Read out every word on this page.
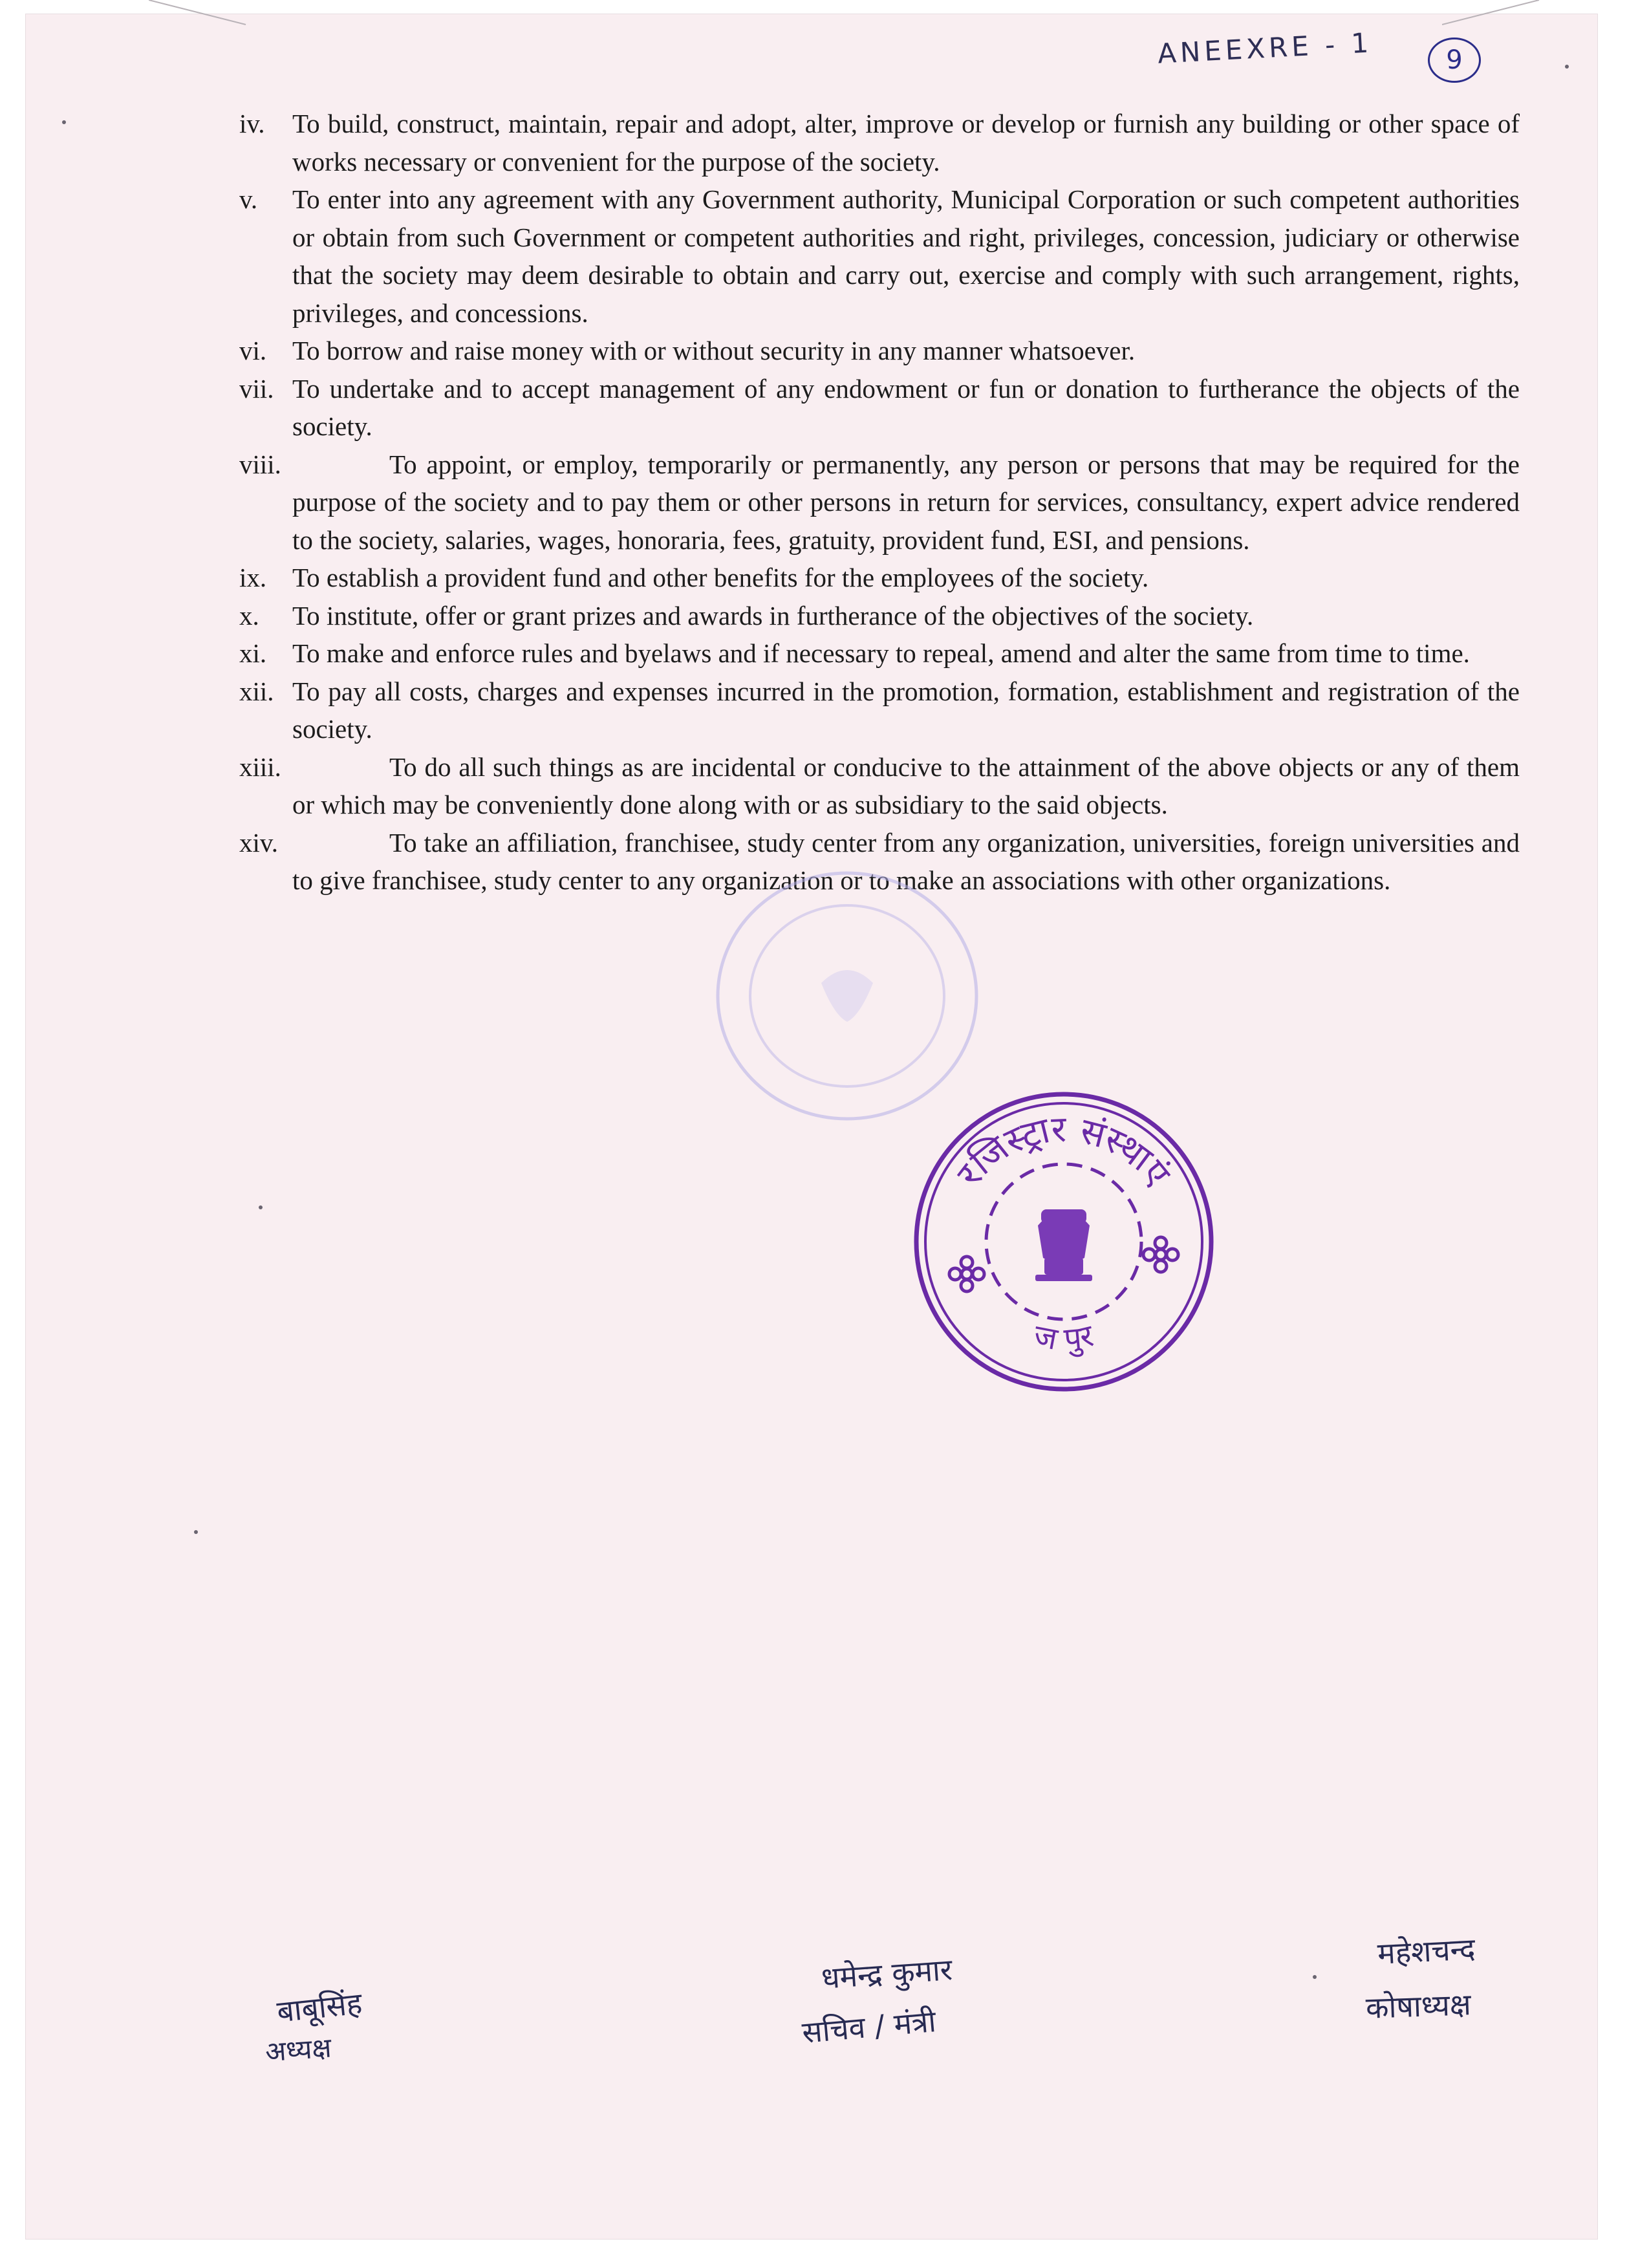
ANEEXRE - 1	9
iv. To build, construct, maintain, repair and adopt, alter, improve or develop or furnish any building or other space of works necessary or convenient for the purpose of the society.
v. To enter into any agreement with any Government authority, Municipal Corporation or such competent authorities or obtain from such Government or competent authorities and right, privileges, concession, judiciary or otherwise that the society may deem desirable to obtain and carry out, exercise and comply with such arrangement, rights, privileges, and concessions.
vi. To borrow and raise money with or without security in any manner whatsoever.
vii. To undertake and to accept management of any endowment or fun or donation to furtherance the objects of the society.
viii.	To appoint, or employ, temporarily or permanently, any person or persons that may be required for the purpose of the society and to pay them or other persons in return for services, consultancy, expert advice rendered to the society, salaries, wages, honoraria, fees, gratuity, provident fund, ESI, and pensions.
ix. To establish a provident fund and other benefits for the employees of the society.
x. To institute, offer or grant prizes and awards in furtherance of the objectives of the society.
xi. To make and enforce rules and byelaws and if necessary to repeal, amend and alter the same from time to time.
xii. To pay all costs, charges and expenses incurred in the promotion, formation, establishment and registration of the society.
xiii.	To do all such things as are incidental or conducive to the attainment of the above objects or any of them or which may be conveniently done along with or as subsidiary to the said objects.
xiv.	To take an affiliation, franchisee, study center from any organization, universities, foreign universities and to give franchisee, study center to any organization or to make an associations with other organizations.
रजिस्ट्रार संस्थाएं
ज पुर
बाबूसिंह
अध्यक्ष
धमेन्द्र कुमार
सचिव / मंत्री
महेशचन्द
कोषाध्यक्ष
